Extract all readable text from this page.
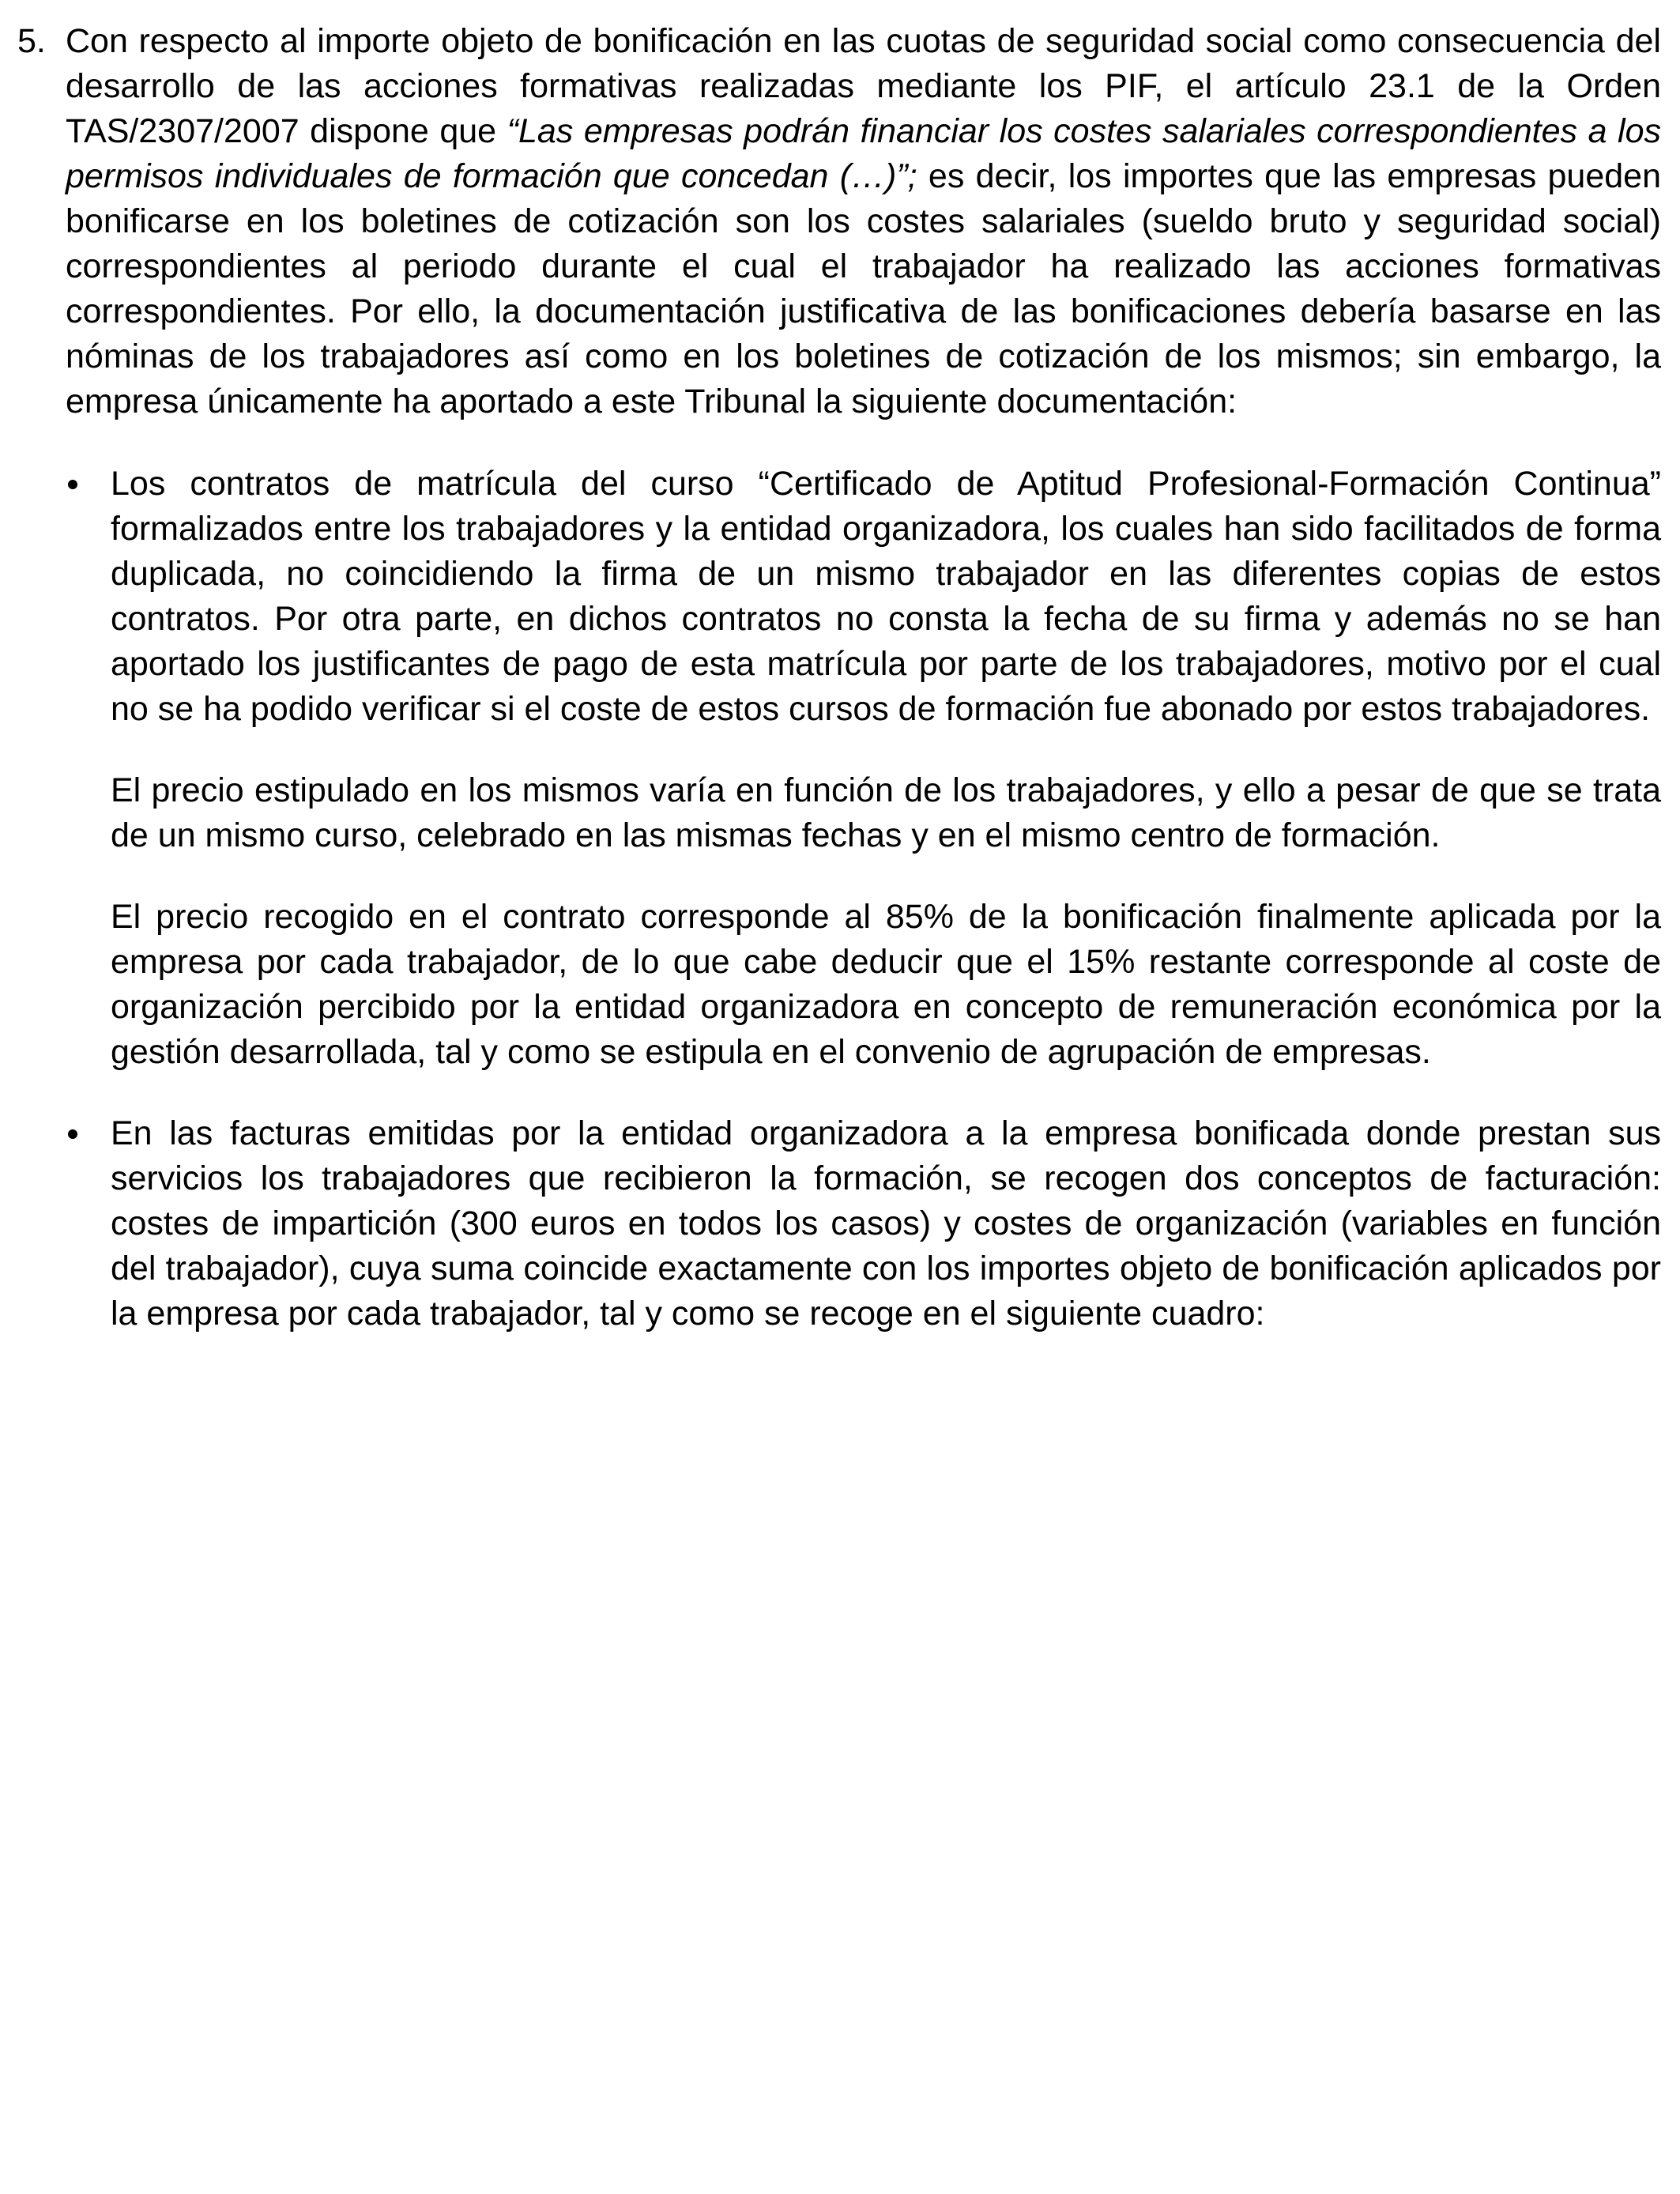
5. Con respecto al importe objeto de bonificación en las cuotas de seguridad social como consecuencia del desarrollo de las acciones formativas realizadas mediante los PIF, el artículo 23.1 de la Orden TAS/2307/2007 dispone que “Las empresas podrán financiar los costes salariales correspondientes a los permisos individuales de formación que concedan (…)”; es decir, los importes que las empresas pueden bonificarse en los boletines de cotización son los costes salariales (sueldo bruto y seguridad social) correspondientes al periodo durante el cual el trabajador ha realizado las acciones formativas correspondientes. Por ello, la documentación justificativa de las bonificaciones debería basarse en las nóminas de los trabajadores así como en los boletines de cotización de los mismos; sin embargo, la empresa únicamente ha aportado a este Tribunal la siguiente documentación:

Los contratos de matrícula del curso “Certificado de Aptitud Profesional-Formación Continua” formalizados entre los trabajadores y la entidad organizadora, los cuales han sido facilitados de forma duplicada, no coincidiendo la firma de un mismo trabajador en las diferentes copias de estos contratos. Por otra parte, en dichos contratos no consta la fecha de su firma y además no se han aportado los justificantes de pago de esta matrícula por parte de los trabajadores, motivo por el cual no se ha podido verificar si el coste de estos cursos de formación fue abonado por estos trabajadores.

El precio estipulado en los mismos varía en función de los trabajadores, y ello a pesar de que se trata de un mismo curso, celebrado en las mismas fechas y en el mismo centro de formación.

El precio recogido en el contrato corresponde al 85% de la bonificación finalmente aplicada por la empresa por cada trabajador, de lo que cabe deducir que el 15% restante corresponde al coste de organización percibido por la entidad organizadora en concepto de remuneración económica por la gestión desarrollada, tal y como se estipula en el convenio de agrupación de empresas.

En las facturas emitidas por la entidad organizadora a la empresa bonificada donde prestan sus servicios los trabajadores que recibieron la formación, se recogen dos conceptos de facturación: costes de impartición (300 euros en todos los casos) y costes de organización (variables en función del trabajador), cuya suma coincide exactamente con los importes objeto de bonificación aplicados por la empresa por cada trabajador, tal y como se recoge en el siguiente cuadro:
